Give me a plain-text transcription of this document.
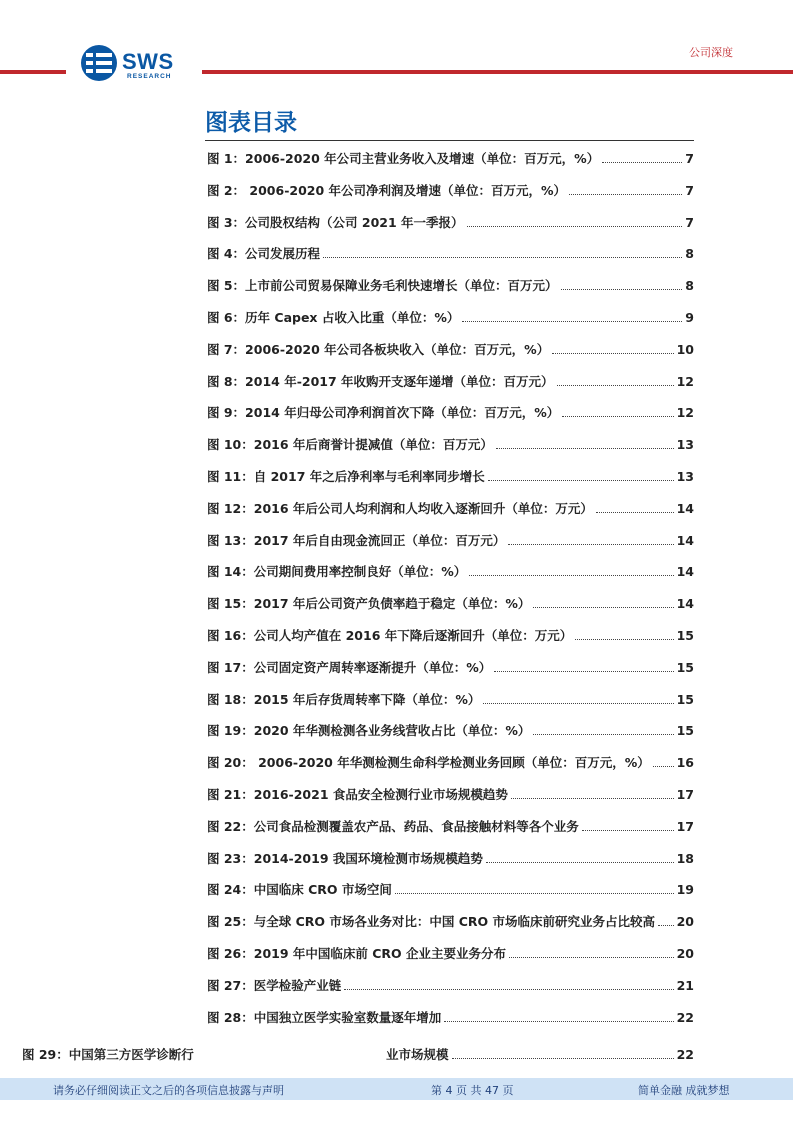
SWS
RESEARCH
公司深度
图表目录
图 1：2006-2020 年公司主营业务收入及增速（单位：百万元，%）	7
图 2： 2006-2020 年公司净利润及增速（单位：百万元，%）	7
图 3：公司股权结构（公司 2021 年一季报）	7
图 4：公司发展历程	8
图 5：上市前公司贸易保障业务毛利快速增长（单位：百万元）	8
图 6：历年 Capex 占收入比重（单位：%）	9
图 7：2006-2020 年公司各板块收入（单位：百万元，%）	10
图 8：2014 年-2017 年收购开支逐年递增（单位：百万元）	12
图 9：2014 年归母公司净利润首次下降（单位：百万元，%）	12
图 10：2016 年后商誉计提减值（单位：百万元）	13
图 11：自 2017 年之后净利率与毛利率同步增长	13
图 12：2016 年后公司人均利润和人均收入逐渐回升（单位：万元）	14
图 13：2017 年后自由现金流回正（单位：百万元）	14
图 14：公司期间费用率控制良好（单位：%）	14
图 15：2017 年后公司资产负债率趋于稳定（单位：%）	14
图 16：公司人均产值在 2016 年下降后逐渐回升（单位：万元）	15
图 17：公司固定资产周转率逐渐提升（单位：%）	15
图 18：2015 年后存货周转率下降（单位：%）	15
图 19：2020 年华测检测各业务线营收占比（单位：%）	15
图 20： 2006-2020 年华测检测生命科学检测业务回顾（单位：百万元，%） 16
图 21：2016-2021 食品安全检测行业市场规模趋势	17
图 22：公司食品检测覆盖农产品、药品、食品接触材料等各个业务	17
图 23：2014-2019 我国环境检测市场规模趋势	18
图 24：中国临床 CRO 市场空间	19
图 25：与全球 CRO 市场各业务对比：中国 CRO 市场临床前研究业务占比较高 20
图 26：2019 年中国临床前 CRO 企业主要业务分布	20
图 27：医学检验产业链	21
图 28：中国独立医学实验室数量逐年增加	22
图 29：中国第三方医学诊断行	业市场规模	22
请务必仔细阅读正文之后的各项信息披露与声明	第 4 页 共 47 页	简单金融 成就梦想
